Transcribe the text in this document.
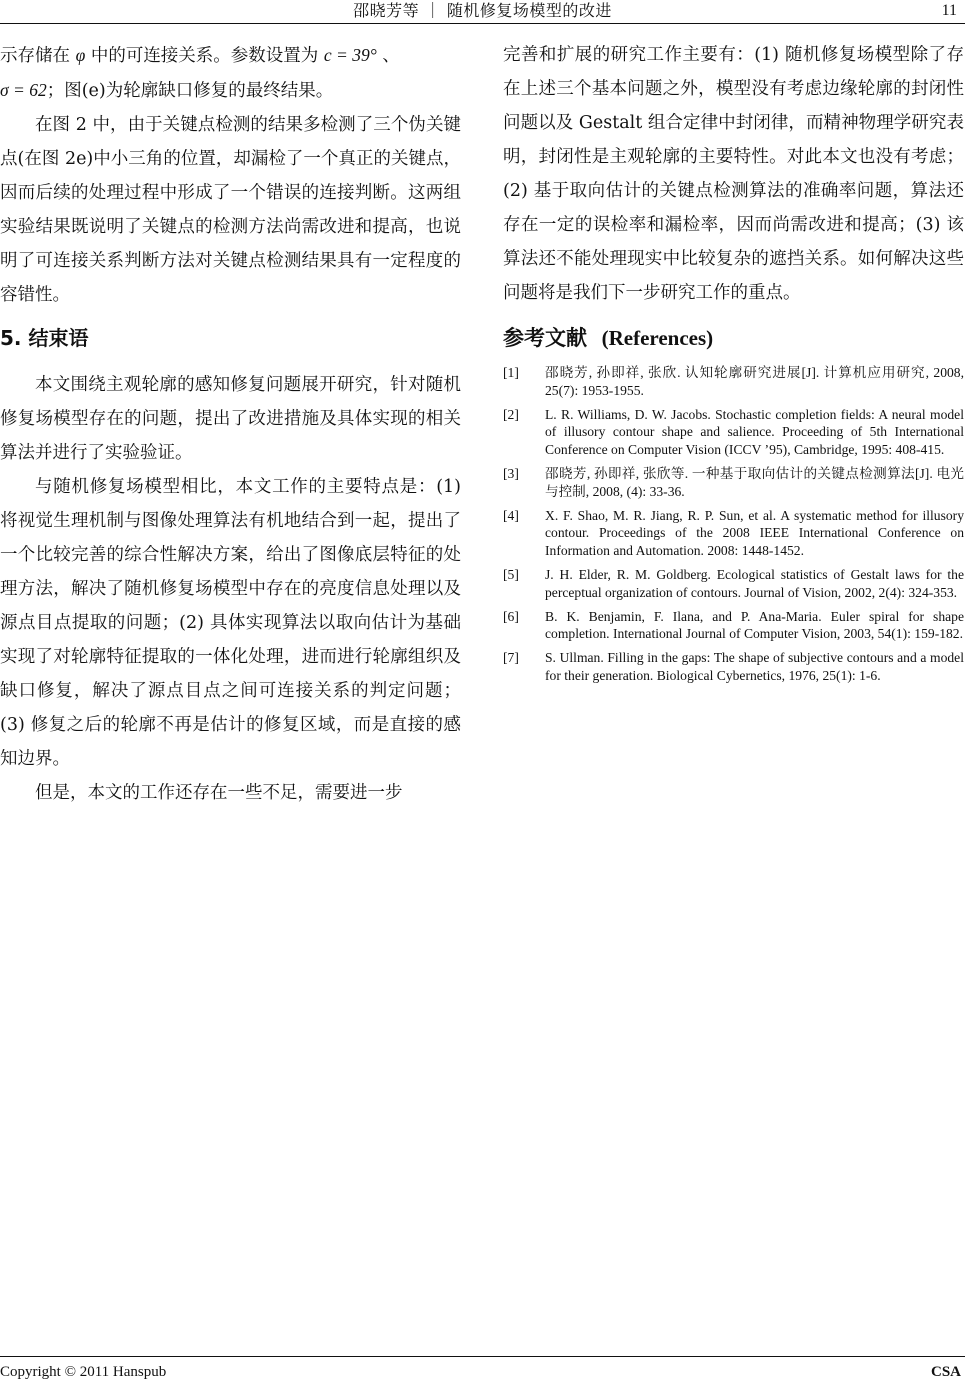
邵晓芳等 ｜ 随机修复场模型的改进	11

示存储在 φ 中的可连接关系。参数设置为 c = 39° 、
σ = 62；图(e)为轮廓缺口修复的最终结果。

在图 2 中，由于关键点检测的结果多检测了三个伪关键点(在图 2e)中小三角的位置，却漏检了一个真正的关键点，因而后续的处理过程中形成了一个错误的连接判断。这两组实验结果既说明了关键点的检测方法尚需改进和提高，也说明了可连接关系判断方法对关键点检测结果具有一定程度的容错性。

5. 结束语

本文围绕主观轮廓的感知修复问题展开研究，针对随机修复场模型存在的问题，提出了改进措施及具体实现的相关算法并进行了实验验证。

与随机修复场模型相比，本文工作的主要特点是：(1) 将视觉生理机制与图像处理算法有机地结合到一起，提出了一个比较完善的综合性解决方案，给出了图像底层特征的处理方法，解决了随机修复场模型中存在的亮度信息处理以及源点目点提取的问题；(2) 具体实现算法以取向估计为基础实现了对轮廓特征提取的一体化处理，进而进行轮廓组织及缺口修复，解决了源点目点之间可连接关系的判定问题；(3) 修复之后的轮廓不再是估计的修复区域，而是直接的感知边界。

但是，本文的工作还存在一些不足，需要进一步

完善和扩展的研究工作主要有：(1) 随机修复场模型除了存在上述三个基本问题之外，模型没有考虑边缘轮廓的封闭性问题以及 Gestalt 组合定律中封闭律，而精神物理学研究表明，封闭性是主观轮廓的主要特性。对此本文也没有考虑；(2) 基于取向估计的关键点检测算法的准确率问题，算法还存在一定的误检率和漏检率，因而尚需改进和提高；(3) 该算法还不能处理现实中比较复杂的遮挡关系。如何解决这些问题将是我们下一步研究工作的重点。

参考文献 (References)
[1]	邵晓芳, 孙即祥, 张欣. 认知轮廓研究进展[J]. 计算机应用研究, 2008, 25(7): 1953-1955.
[2]	L. R. Williams, D. W. Jacobs. Stochastic completion fields: A neural model of illusory contour shape and salience. Proceeding of 5th International Conference on Computer Vision (ICCV ’95), Cambridge, 1995: 408-415.
[3]	邵晓芳, 孙即祥, 张欣等. 一种基于取向估计的关键点检测算法[J]. 电光与控制, 2008, (4): 33-36.
[4]	X. F. Shao, M. R. Jiang, R. P. Sun, et al. A systematic method for illusory contour. Proceedings of the 2008 IEEE International Conference on Information and Automation. 2008: 1448-1452.
[5]	J. H. Elder, R. M. Goldberg. Ecological statistics of Gestalt laws for the perceptual organization of contours. Journal of Vision, 2002, 2(4): 324-353.
[6]	B. K. Benjamin, F. Ilana, and P. Ana-Maria. Euler spiral for shape completion. International Journal of Computer Vision, 2003, 54(1): 159-182.
[7]	S. Ullman. Filling in the gaps: The shape of subjective contours and a model for their generation. Biological Cybernetics, 1976, 25(1): 1-6.
Copyright © 2011 Hanspub	CSA
